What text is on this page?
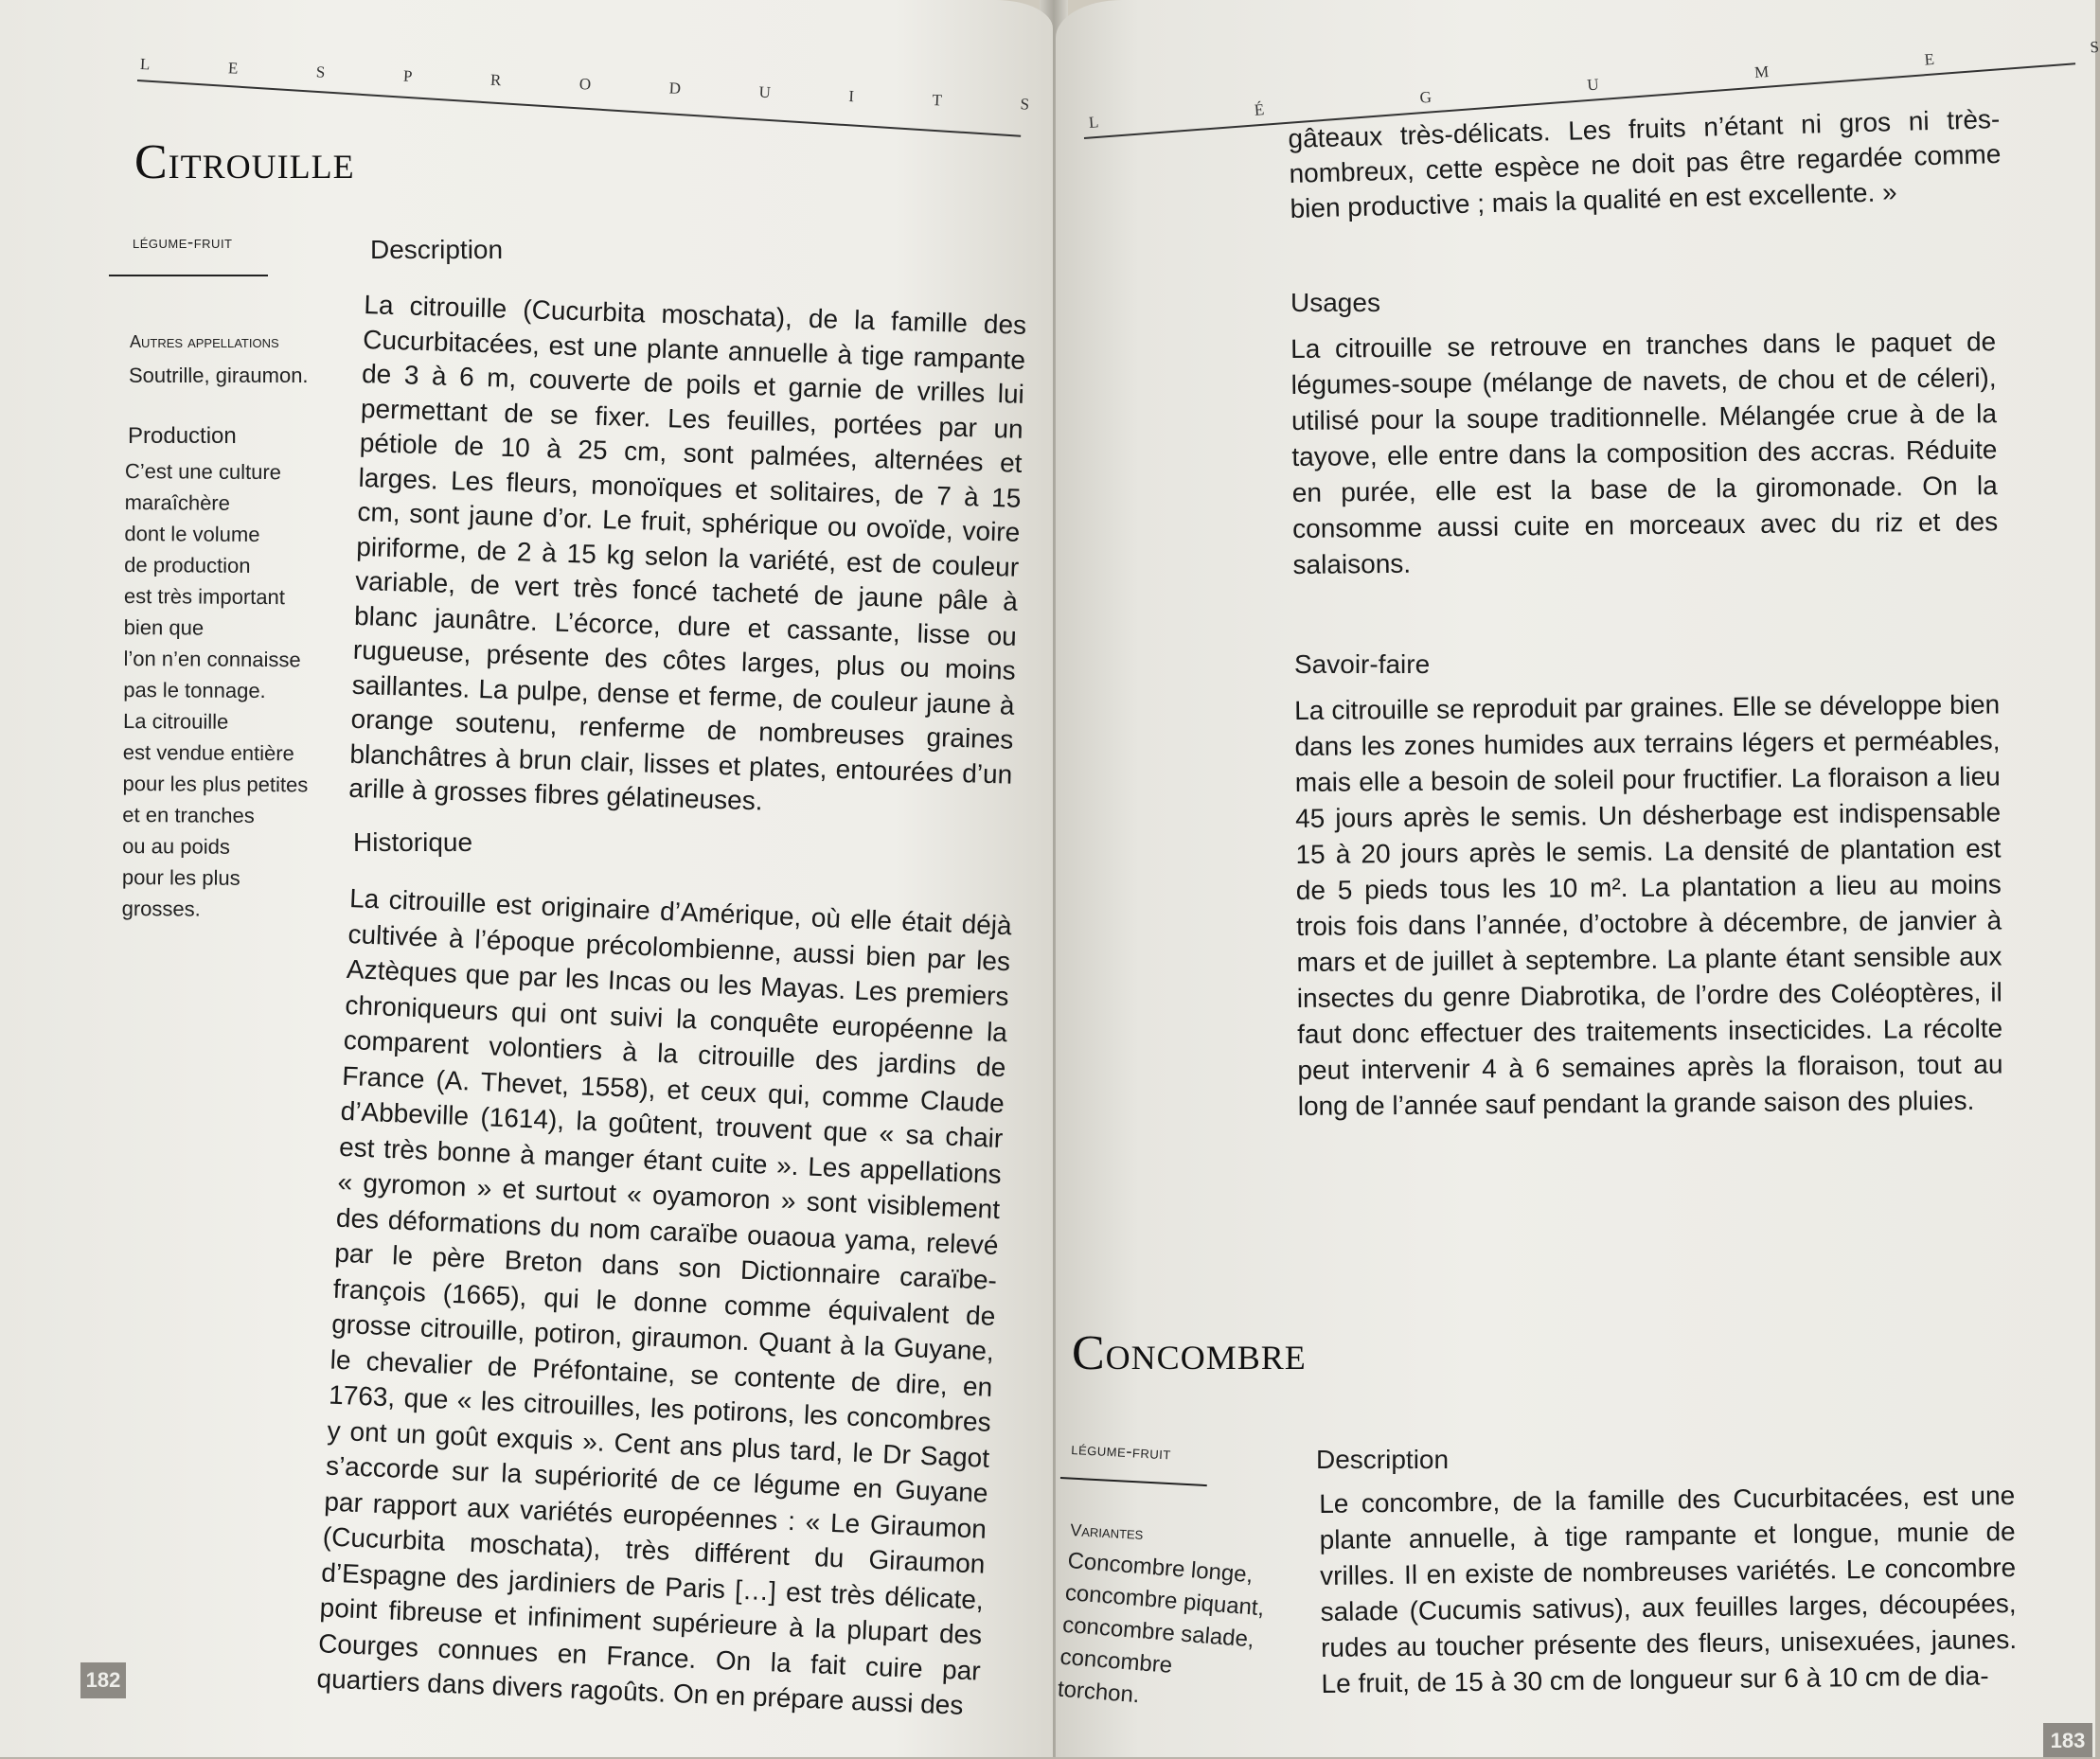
L	E	S	P	R	O	D	U	I	T	S
Citrouille
légume-fruit
Autres appellations
Soutrille, giraumon.
Production
C’est une culture
maraîchère
dont le volume
de production
est très important
bien que
l’on n’en connaisse
pas le tonnage.
La citrouille
est vendue entière
pour les plus petites
et en tranches
ou au poids
pour les plus
grosses.
Description

La citrouille (Cucurbita moschata), de la famille des Cucurbitacées, est une plante annuelle à tige rampante de 3 à 6 m, couverte de poils et garnie de vrilles lui permettant de se fixer. Les feuilles, portées par un pétiole de 10 à 25 cm, sont palmées, alternées et larges. Les fleurs, monoïques et solitaires, de 7 à 15 cm, sont jaune d’or. Le fruit, sphérique ou ovoïde, voire piriforme, de 2 à 15 kg selon la variété, est de couleur variable, de vert très foncé tacheté de jaune pâle à blanc jaunâtre. L’écorce, dure et cassante, lisse ou rugueuse, présente des côtes larges, plus ou moins saillantes. La pulpe, dense et ferme, de couleur jaune à orange soutenu, renferme de nombreuses graines blanchâtres à brun clair, lisses et plates, entourées d’un arille à grosses fibres gélatineuses.

Historique

La citrouille est originaire d’Amérique, où elle était déjà cultivée à l’époque précolombienne, aussi bien par les Aztèques que par les Incas ou les Mayas. Les premiers chroniqueurs qui ont suivi la conquête européenne la comparent volontiers à la citrouille des jardins de France (A. Thevet, 1558), et ceux qui, comme Claude d’Abbeville (1614), la goûtent, trouvent que « sa chair est très bonne à manger étant cuite ». Les appellations « gyromon » et surtout « oyamoron » sont visiblement des déformations du nom caraïbe ouaoua yama, relevé par le père Breton dans son Dictionnaire caraïbe-françois (1665), qui le donne comme équivalent de grosse citrouille, potiron, giraumon. Quant à la Guyane, le chevalier de Préfontaine, se contente de dire, en 1763, que « les citrouilles, les potirons, les concombres y ont un goût exquis ». Cent ans plus tard, le Dr Sagot s’accorde sur la supériorité de ce légume en Guyane par rapport aux variétés européennes : « Le Giraumon (Cucurbita moschata), très différent du Giraumon d’Espagne des jardiniers de Paris […] est très délicate, point fibreuse et infiniment supérieure à la plupart des Courges connues en France. On la fait cuire par quartiers dans divers ragoûts. On en prépare aussi des

182
L
É
G
U
M
E
S

gâteaux très-délicats. Les fruits n’étant ni gros ni très-nombreux, cette espèce ne doit pas être regardée comme bien productive ; mais la qualité en est excellente. »

Usages

La citrouille se retrouve en tranches dans le paquet de légumes-soupe (mélange de navets, de chou et de céleri), utilisé pour la soupe traditionnelle. Mélangée crue à de la tayove, elle entre dans la composition des accras. Réduite en purée, elle est la base de la giromonade. On la consomme aussi cuite en morceaux avec du riz et des salaisons.

Savoir-faire

La citrouille se reproduit par graines. Elle se développe bien dans les zones humides aux terrains légers et perméables, mais elle a besoin de soleil pour fructifier. La floraison a lieu 45 jours après le semis. Un désherbage est indispensable 15 à 20 jours après le semis. La densité de plantation est de 5 pieds tous les 10 m². La plantation a lieu au moins trois fois dans l’année, d’octobre à décembre, de janvier à mars et de juillet à septembre. La plante étant sensible aux insectes du genre Diabrotika, de l’ordre des Coléoptères, il faut donc effectuer des traitements insecticides. La récolte peut intervenir 4 à 6 semaines après la floraison, tout au long de l’année sauf pendant la grande saison des pluies.

Concombre
légume-fruit
Variantes
Concombre longe,
concombre piquant,
concombre salade,
concombre
torchon.
Description

Le concombre, de la famille des Cucurbitacées, est une plante annuelle, à tige rampante et longue, munie de vrilles. Il en existe de nombreuses variétés. Le concombre salade (Cucumis sativus), aux feuilles larges, découpées, rudes au toucher présente des fleurs, unisexuées, jaunes. Le fruit, de 15 à 30 cm de longueur sur 6 à 10 cm de dia-

183
